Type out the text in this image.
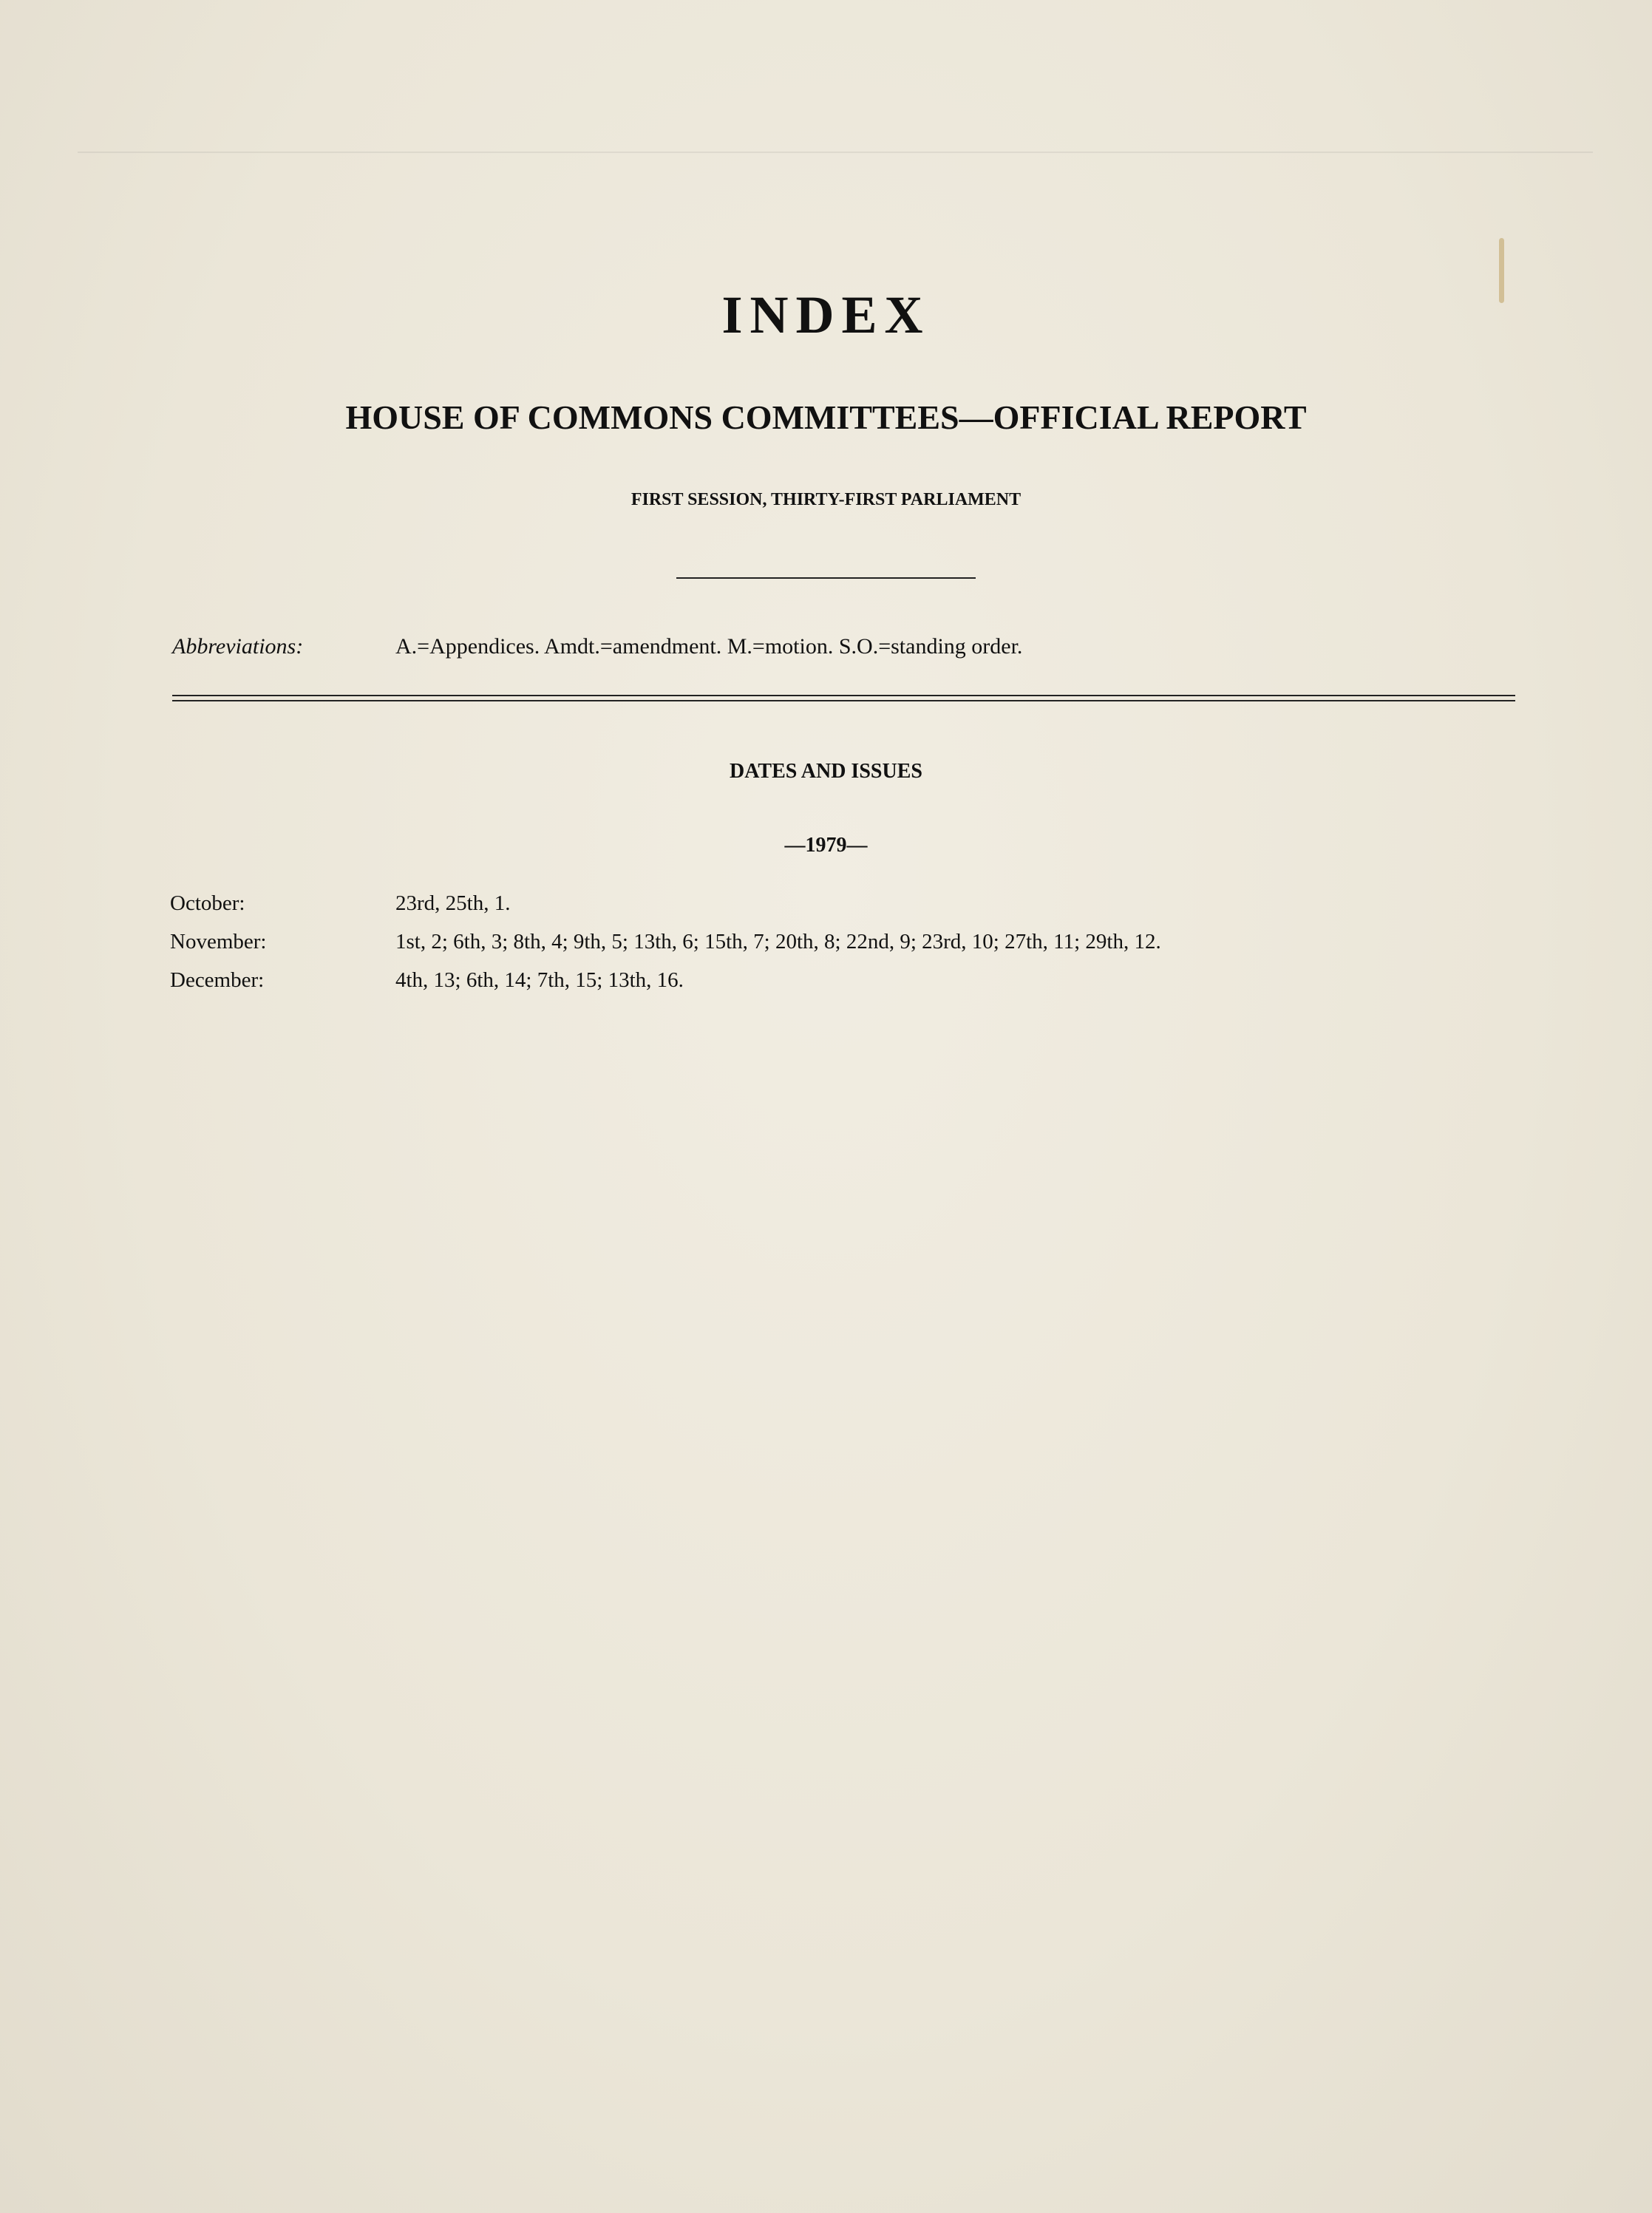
INDEX
HOUSE OF COMMONS COMMITTEES—OFFICIAL REPORT
FIRST SESSION, THIRTY-FIRST PARLIAMENT
Abbreviations:	A.=Appendices. Amdt.=amendment. M.=motion. S.O.=standing order.
DATES AND ISSUES
—1979—
October:	23rd, 25th, 1.
November:	1st, 2; 6th, 3; 8th, 4; 9th, 5; 13th, 6; 15th, 7; 20th, 8; 22nd, 9; 23rd, 10; 27th, 11; 29th, 12.
December:	4th, 13; 6th, 14; 7th, 15; 13th, 16.
